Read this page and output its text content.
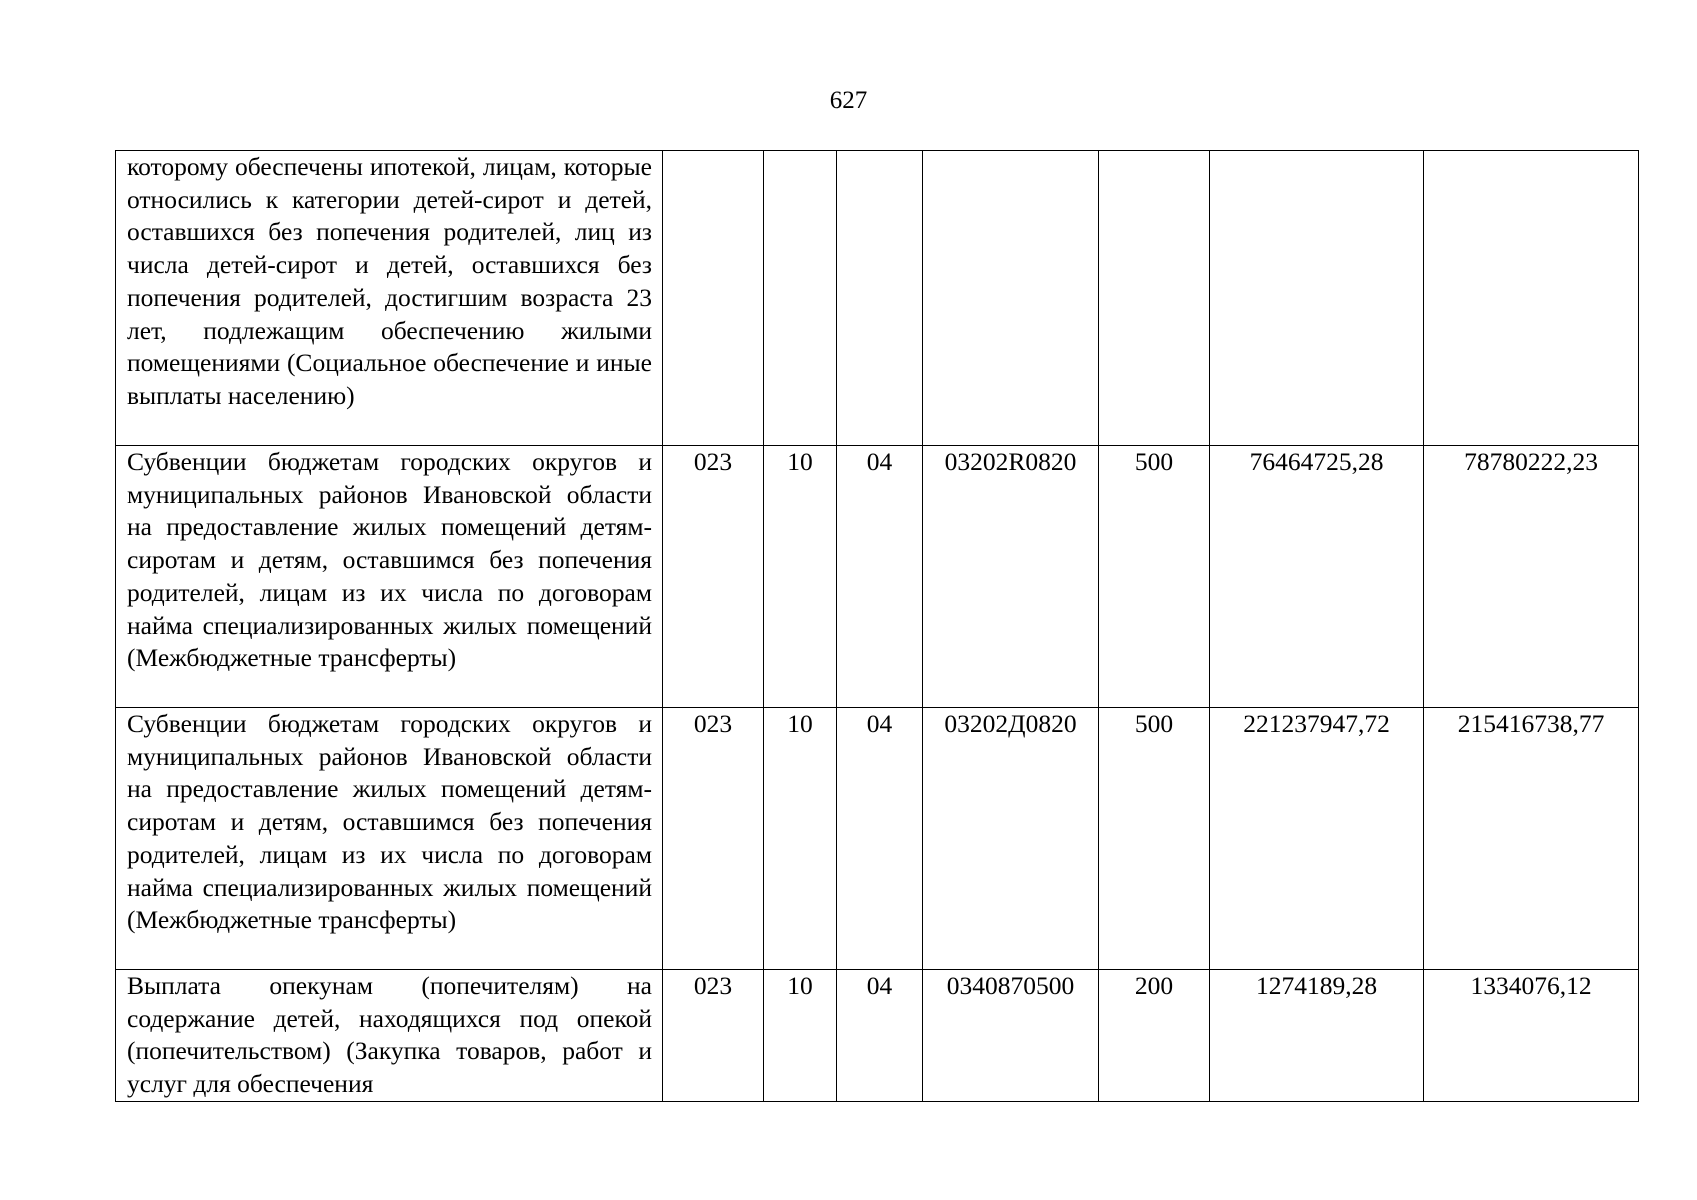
627
которому обеспечены ипотекой, лицам, которые относились к категории детей-сирот и детей, оставшихся без попечения родителей, лиц из числа детей-сирот и детей, оставшихся без попечения родителей, достигшим возраста 23 лет, подлежащим обеспечению жилыми помещениями (Социальное обеспечение и иные выплаты населению)							
Субвенции бюджетам городских округов и муниципальных районов Ивановской области на предоставление жилых помещений детям-сиротам и детям, оставшимся без попечения родителей, лицам из их числа по договорам найма специализированных жилых помещений (Межбюджетные трансферты)	023	10	04	03202R0820	500	76464725,28	78780222,23
Субвенции бюджетам городских округов и муниципальных районов Ивановской области на предоставление жилых помещений детям-сиротам и детям, оставшимся без попечения родителей, лицам из их числа по договорам найма специализированных жилых помещений (Межбюджетные трансферты)	023	10	04	03202Д0820	500	221237947,72	215416738,77
Выплата опекунам (попечителям) на содержание детей, находящихся под опекой (попечительством) (Закупка товаров, работ и услуг для обеспечения	023	10	04	0340870500	200	1274189,28	1334076,12
